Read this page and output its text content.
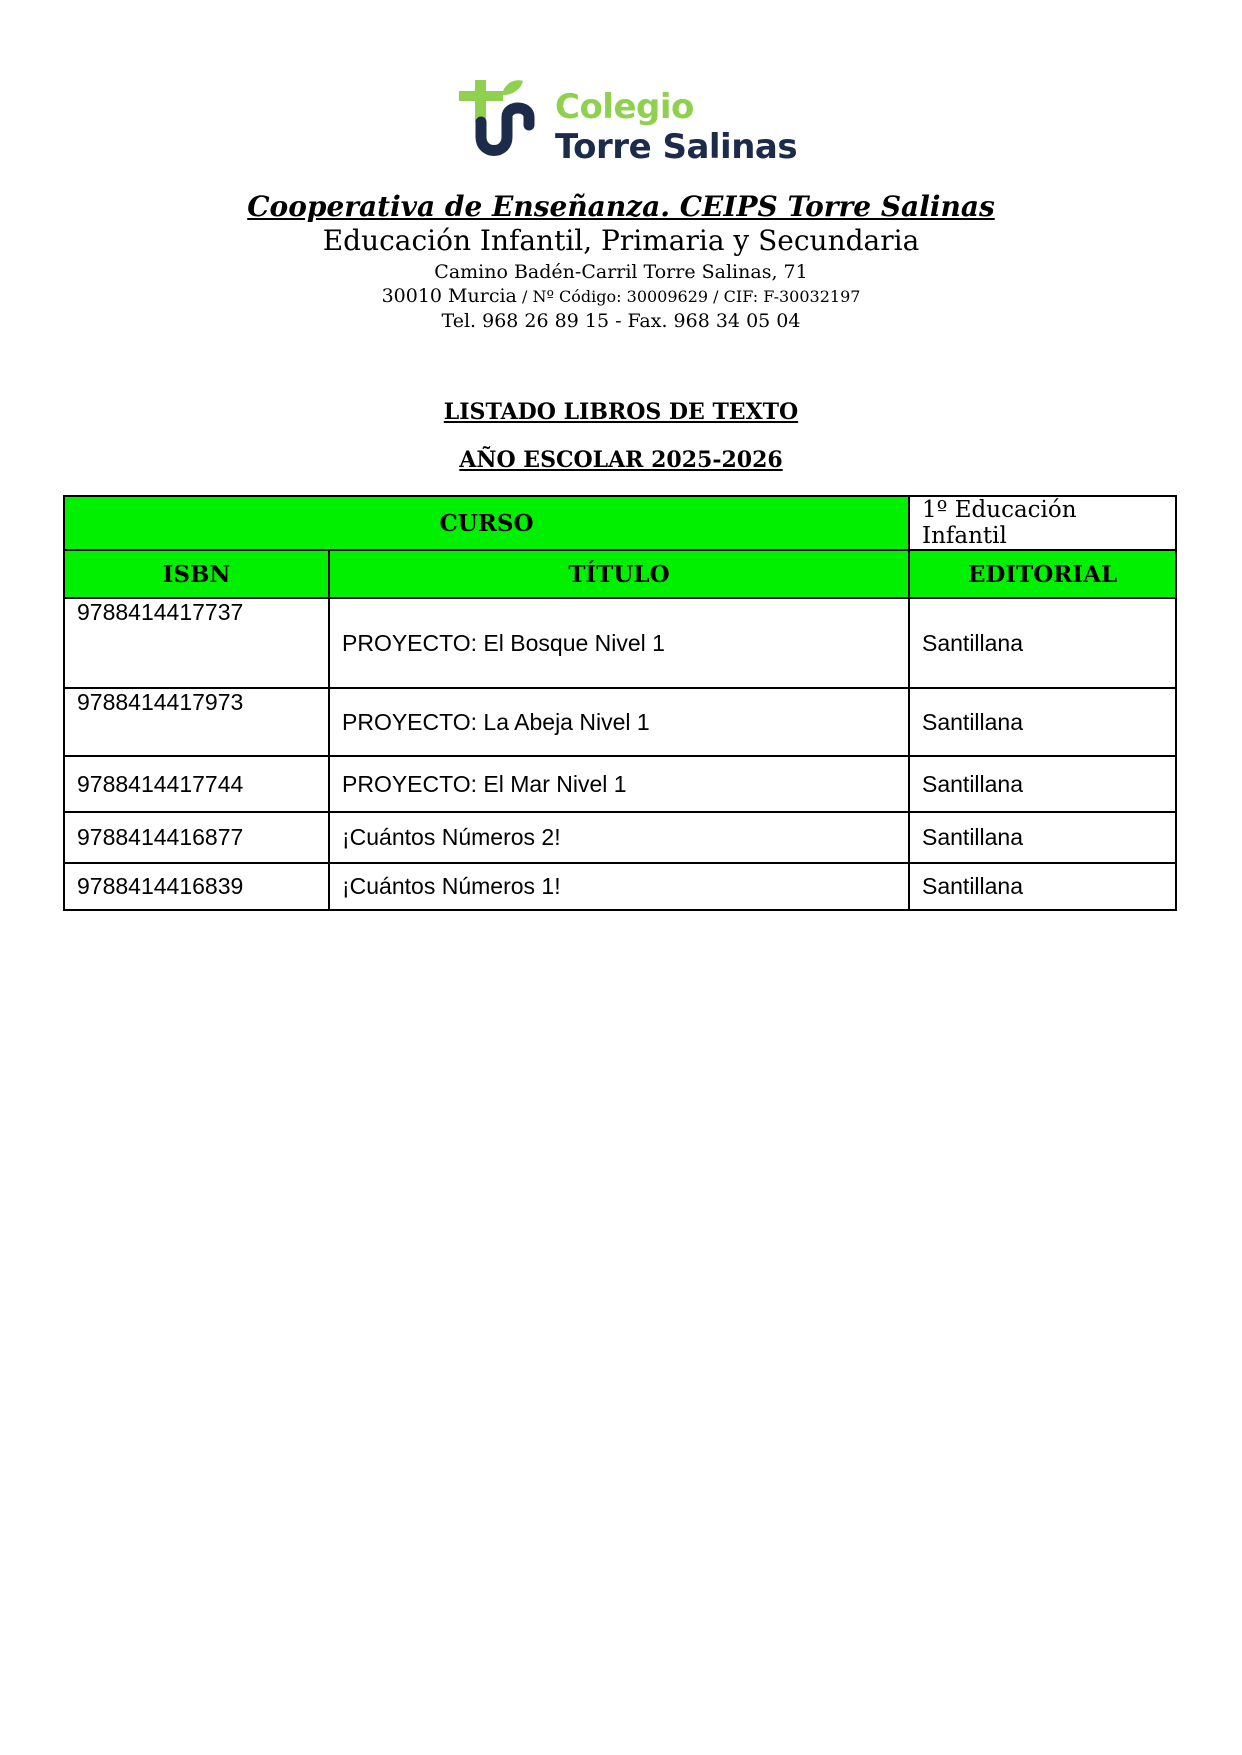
Colegio
Torre Salinas
Cooperativa de Enseñanza. CEIPS Torre Salinas
Educación Infantil, Primaria y Secundaria
Camino Badén-Carril Torre Salinas, 71
30010 Murcia / Nº Código: 30009629 / CIF: F-30032197
Tel. 968 26 89 15 - Fax. 968 34 05 04
LISTADO LIBROS DE TEXTO
AÑO ESCOLAR 2025-2026
CURSO		1º Educación Infantil
ISBN	TÍTULO	EDITORIAL
9788414417737	PROYECTO: El Bosque Nivel 1	Santillana
9788414417973	PROYECTO: La Abeja Nivel 1	Santillana
9788414417744	PROYECTO: El Mar Nivel 1	Santillana
9788414416877	¡Cuántos Números 2!	Santillana
9788414416839	¡Cuántos Números 1!	Santillana
